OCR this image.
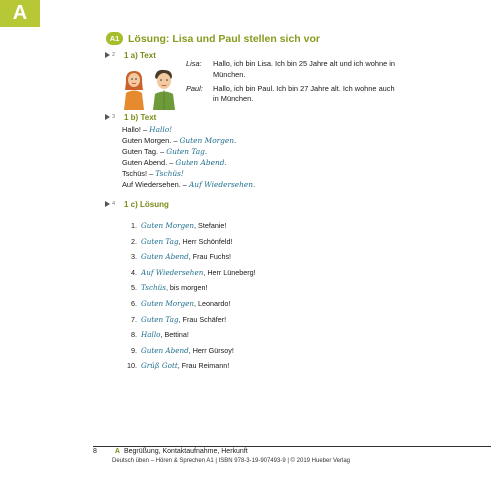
A
A1 Lösung: Lisa und Paul stellen sich vor
2 1 a) Text
Lisa:	Hallo, ich bin Lisa. Ich bin 25 Jahre alt und ich wohne in München.
Paul:	Hallo, ich bin Paul. Ich bin 27 Jahre alt. Ich wohne auch in München.
3 1 b) Text
Hallo! – Hallo!
Guten Morgen. – Guten Morgen.
Guten Tag. – Guten Tag.
Guten Abend. – Guten Abend.
Tschüs! – Tschüs!
Auf Wiedersehen. – Auf Wiedersehen.
4 1 c) Lösung
1. Guten Morgen , Stefanie!
2. Guten Tag , Herr Schönfeld!
3. Guten Abend , Frau Fuchs!
4. Auf Wiedersehen , Herr Lüneberg!
5. Tschüs , bis morgen!
6. Guten Morgen , Leonardo!
7. Guten Tag , Frau Schäfer!
8. Hallo , Bettina!
9. Guten Abend , Herr Gürsoy!
10. Grüß Gott , Frau Reimann!
8	A Begrüßung, Kontaktaufnahme, Herkunft
Deutsch üben – Hören & Sprechen A1 | ISBN 978-3-19-907493-9 | © 2019 Hueber Verlag
